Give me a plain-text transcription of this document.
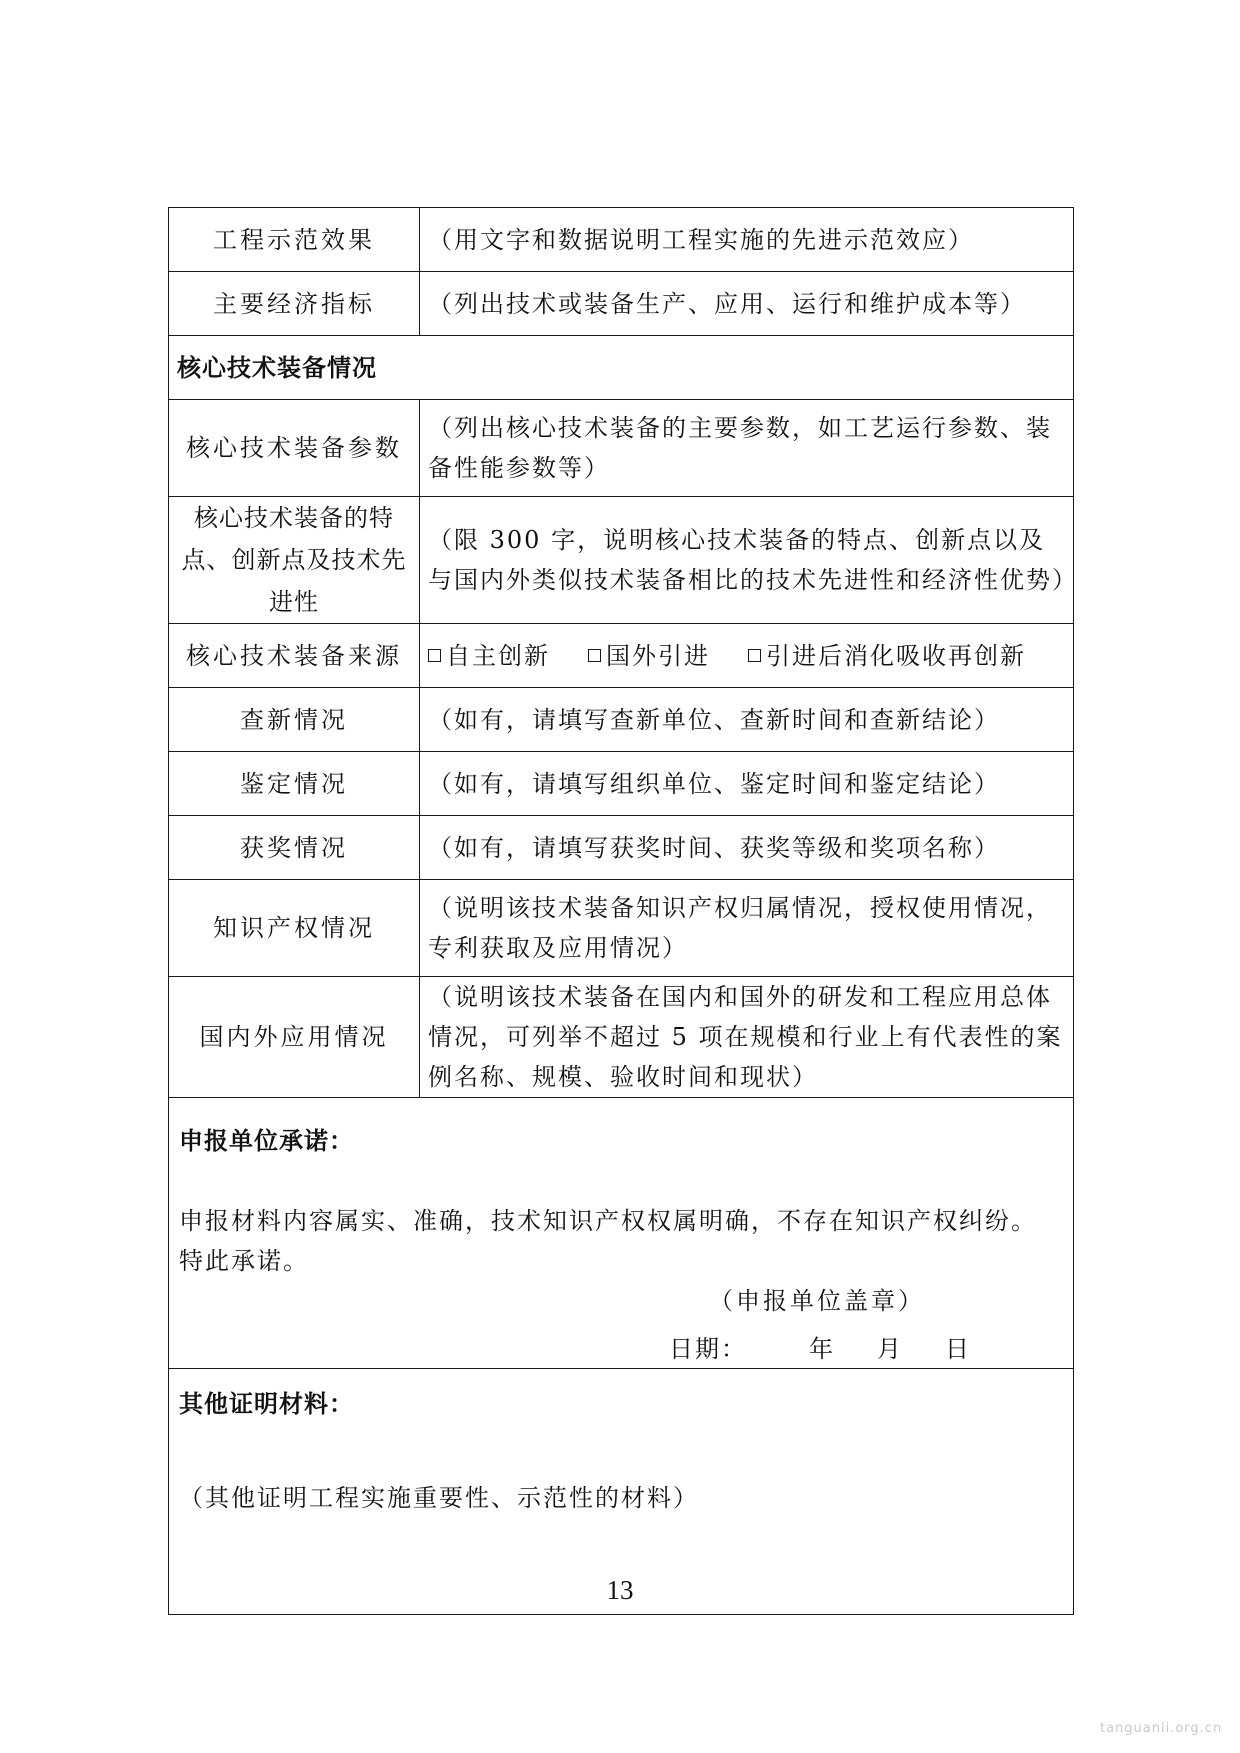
工程示范效果	（用文字和数据说明工程实施的先进示范效应）
主要经济指标	（列出技术或装备生产、应用、运行和维护成本等）
核心技术装备情况	
核心技术装备参数	（列出核心技术装备的主要参数，如工艺运行参数、装备性能参数等）
核心技术装备的特点、创新点及技术先进性	（限 300 字，说明核心技术装备的特点、创新点以及与国内外类似技术装备相比的技术先进性和经济性优势）
核心技术装备来源	自主创新 国外引进 引进后消化吸收再创新
查新情况	（如有，请填写查新单位、查新时间和查新结论）
鉴定情况	（如有，请填写组织单位、鉴定时间和鉴定结论）
获奖情况	（如有，请填写获奖时间、获奖等级和奖项名称）
知识产权情况	（说明该技术装备知识产权归属情况，授权使用情况，专利获取及应用情况）
国内外应用情况	（说明该技术装备在国内和国外的研发和工程应用总体情况，可列举不超过 5 项在规模和行业上有代表性的案例名称、规模、验收时间和现状）

申报单位承诺：
申报材料内容属实、准确，技术知识产权权属明确，不存在知识产权纠纷。
特此承诺。
（申报单位盖章）
日期： 年 月 日	

其他证明材料：
（其他证明工程实施重要性、示范性的材料）	
13
tanguanli.org.cn
